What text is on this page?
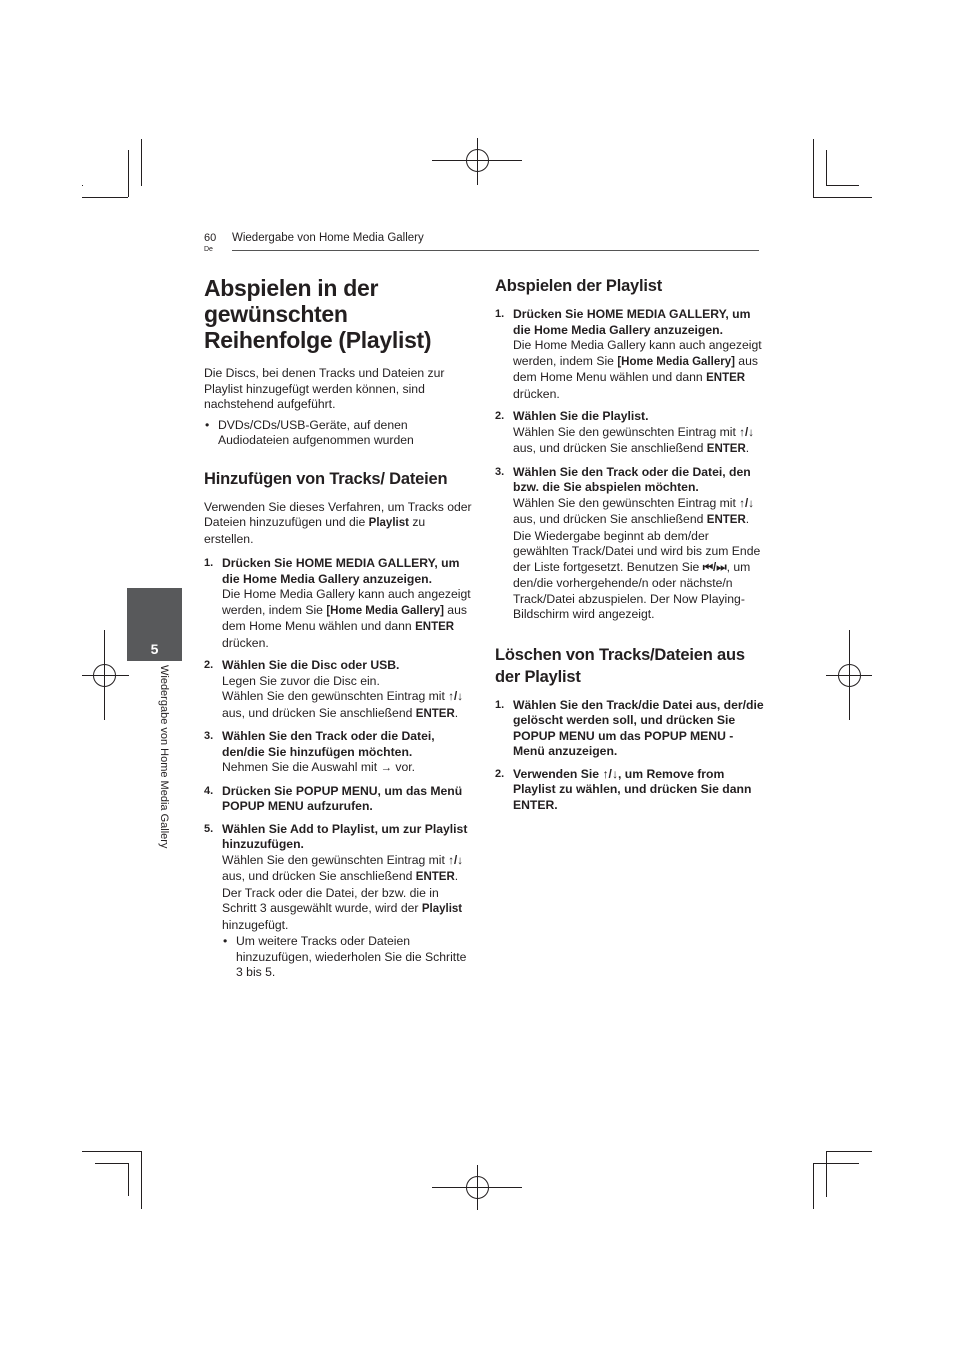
60
De
Wiedergabe von Home Media Gallery
5
Wiedergabe von Home Media Gallery
Abspielen in der gewünschten Reihenfolge (Playlist)

Die Discs, bei denen Tracks und Dateien zur Playlist hinzugefügt werden können, sind nachstehend aufgeführt.

• DVDs/CDs/USB-Geräte, auf denen Audiodateien aufgenommen wurden
Hinzufügen von Tracks/ Dateien

Verwenden Sie dieses Verfahren, um Tracks oder Dateien hinzuzufügen und die Playlist zu erstellen.

1. Drücken Sie HOME MEDIA GALLERY, um die Home Media Gallery anzuzeigen.
Die Home Media Gallery kann auch angezeigt werden, indem Sie [Home Media Gallery] aus dem Home Menu wählen und dann ENTER drücken.
2. Wählen Sie die Disc oder USB.
Legen Sie zuvor die Disc ein.
Wählen Sie den gewünschten Eintrag mit ↑/↓ aus, und drücken Sie anschließend ENTER.
3. Wählen Sie den Track oder die Datei, den/die Sie hinzufügen möchten.
Nehmen Sie die Auswahl mit → vor.
4. Drücken Sie POPUP MENU, um das Menü POPUP MENU aufzurufen.
5. Wählen Sie Add to Playlist, um zur Playlist hinzuzufügen.
Wählen Sie den gewünschten Eintrag mit ↑/↓ aus, und drücken Sie anschließend ENTER.
Der Track oder die Datei, der bzw. die in Schritt 3 ausgewählt wurde, wird der Playlist hinzugefügt.
• Um weitere Tracks oder Dateien hinzuzufügen, wiederholen Sie die Schritte 3 bis 5.
Abspielen der Playlist
1. Drücken Sie HOME MEDIA GALLERY, um die Home Media Gallery anzuzeigen.
Die Home Media Gallery kann auch angezeigt werden, indem Sie [Home Media Gallery] aus dem Home Menu wählen und dann ENTER drücken.
2. Wählen Sie die Playlist.
Wählen Sie den gewünschten Eintrag mit ↑/↓ aus, und drücken Sie anschließend ENTER.
3. Wählen Sie den Track oder die Datei, den bzw. die Sie abspielen möchten.
Wählen Sie den gewünschten Eintrag mit ↑/↓ aus, und drücken Sie anschließend ENTER.
Die Wiedergabe beginnt ab dem/der gewählten Track/Datei und wird bis zum Ende der Liste fortgesetzt. Benutzen Sie ⏮/⏭, um den/die vorhergehende/n oder nächste/n Track/Datei abzuspielen. Der Now Playing-Bildschirm wird angezeigt.
Löschen von Tracks/Dateien aus der Playlist
1. Wählen Sie den Track/die Datei aus, der/die gelöscht werden soll, und drücken Sie POPUP MENU um das POPUP MENU -Menü anzuzeigen.
2. Verwenden Sie ↑/↓, um Remove from Playlist zu wählen, und drücken Sie dann ENTER.
